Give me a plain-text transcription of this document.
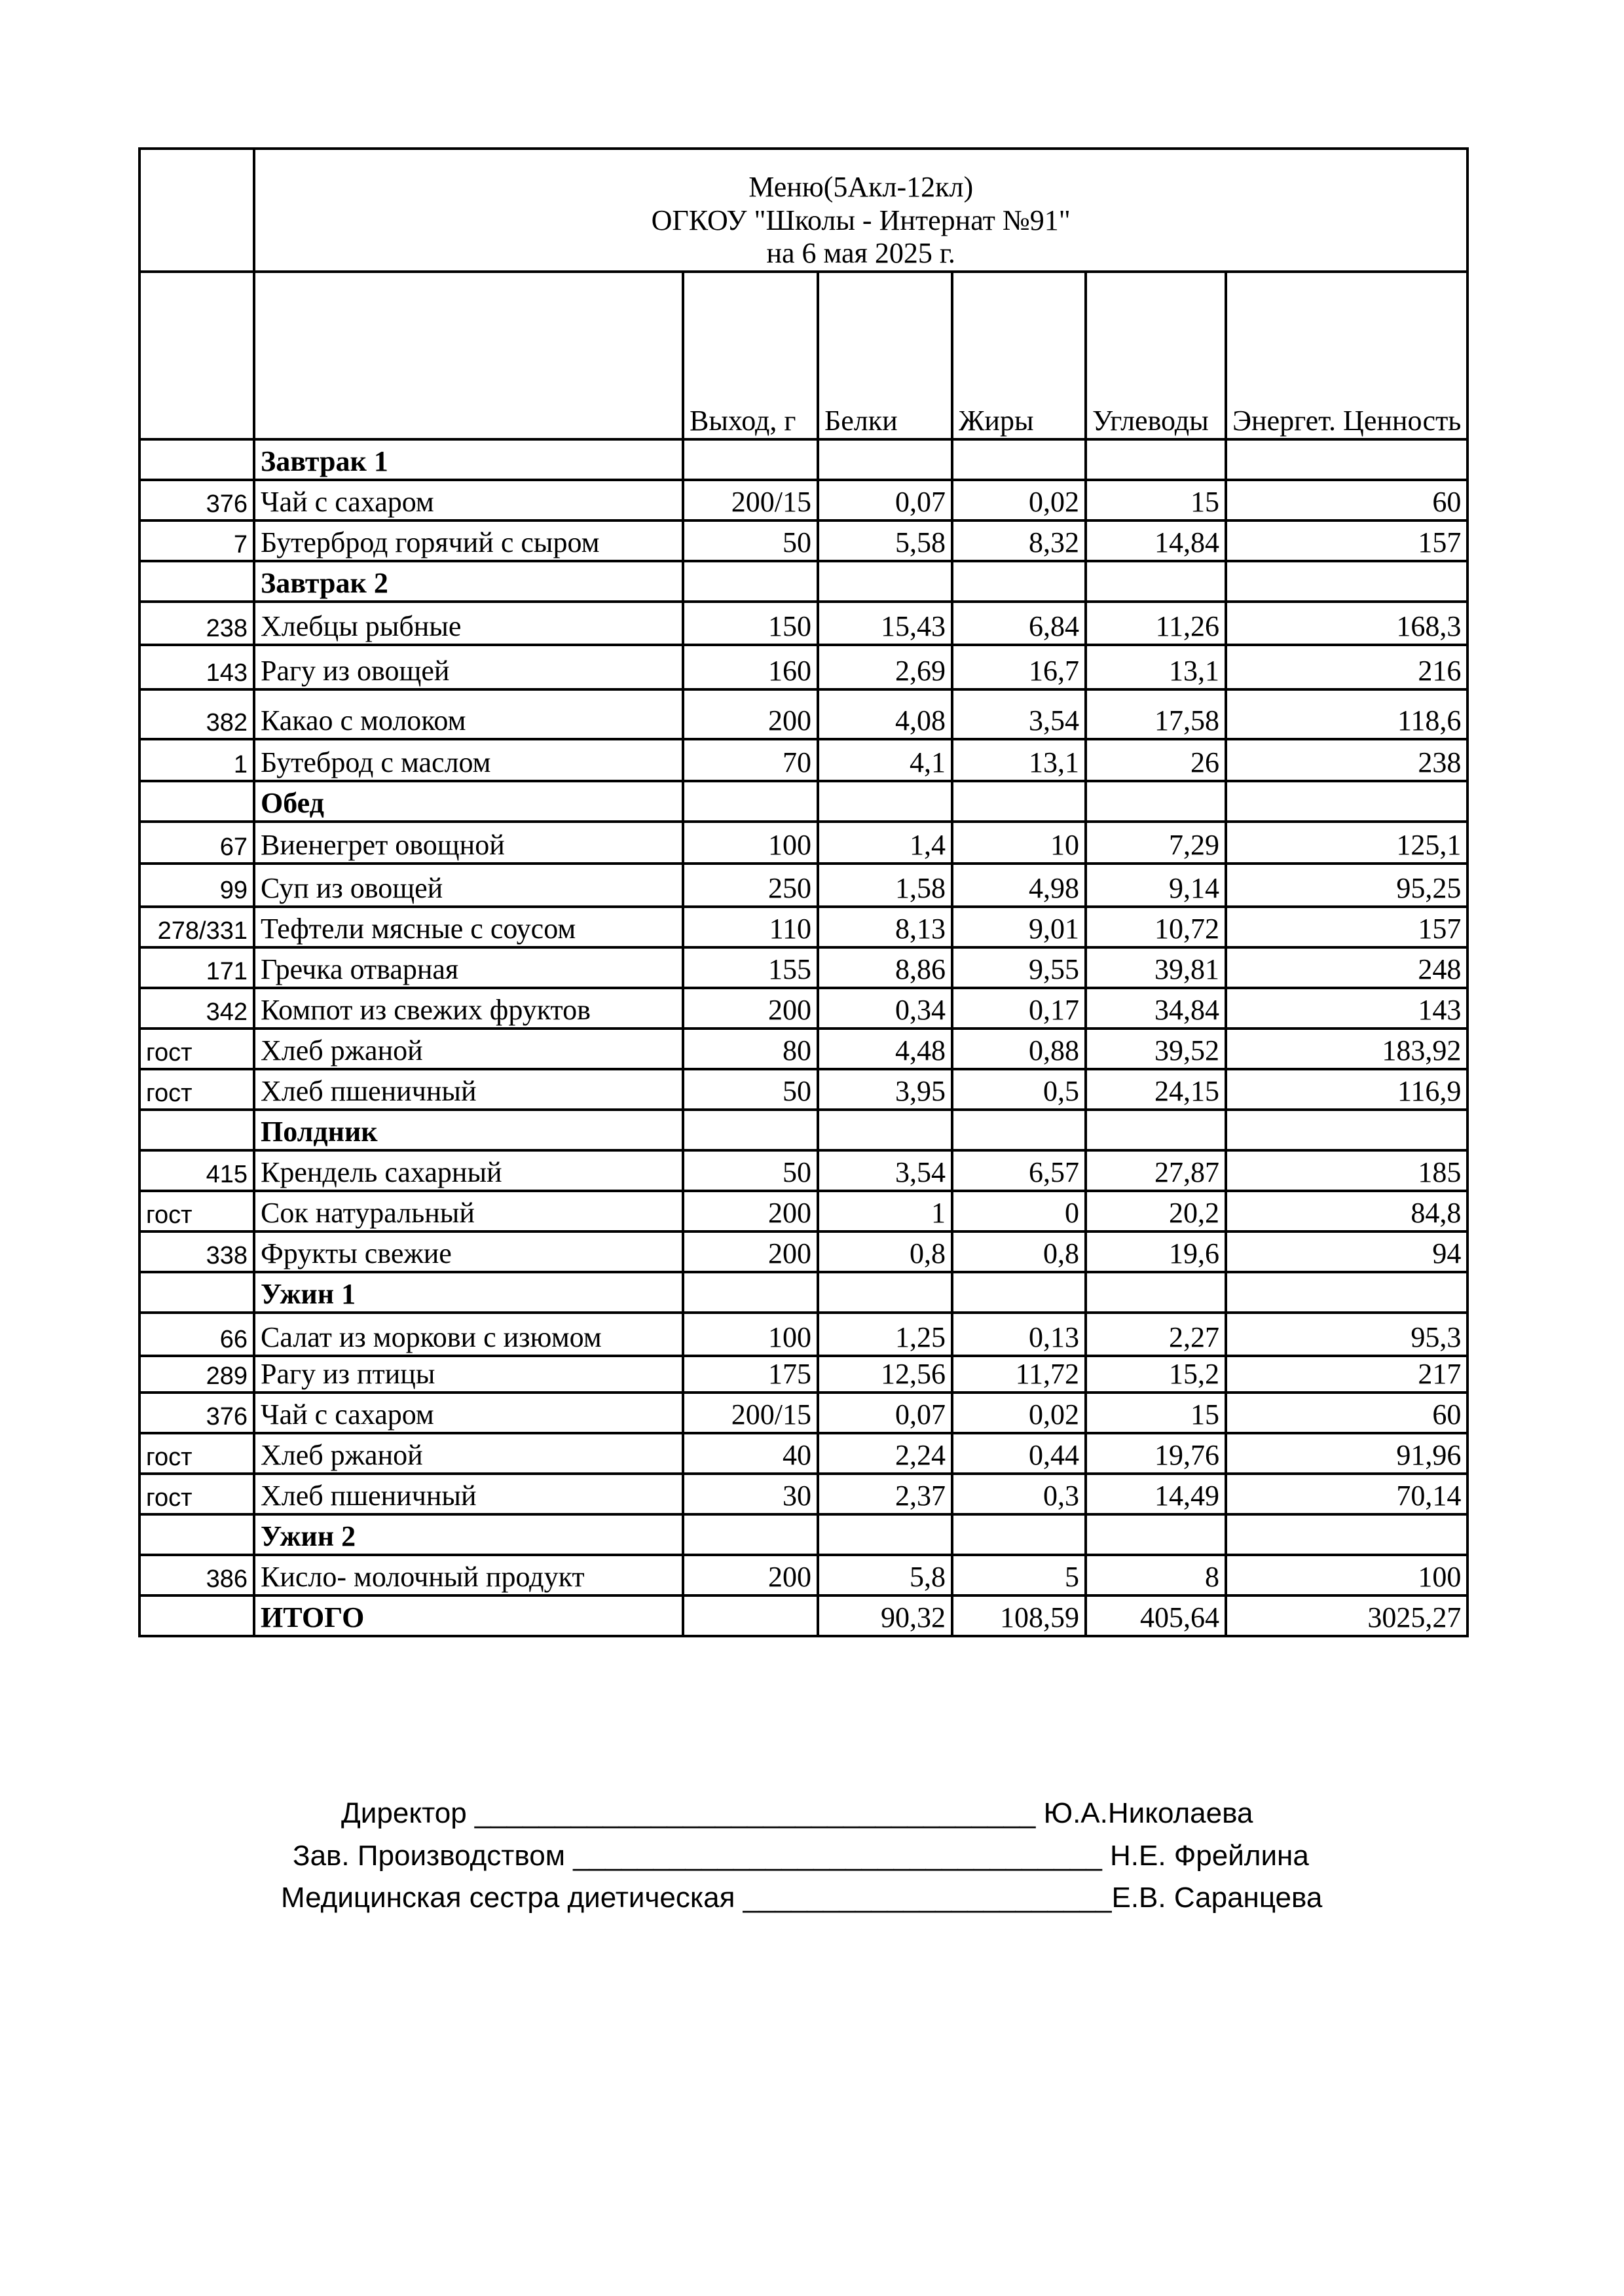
	Меню(5Акл-12кл)
ОГКОУ "Школы - Интернат №91"
на 6 мая 2025 г.					

		Выход, г	Белки	Жиры	Углеводы	Энергет. Ценность
	Завтрак 1					
376	Чай с сахаром	200/15	0,07	0,02	15	60
7	Бутерброд горячий с сыром	50	5,58	8,32	14,84	157
	Завтрак 2					
238	Хлебцы рыбные	150	15,43	6,84	11,26	168,3
143	Рагу из овощей	160	2,69	16,7	13,1	216
382	Какао с молоком	200	4,08	3,54	17,58	118,6
1	Бутеброд с маслом	70	4,1	13,1	26	238
	Обед					
67	Виенегрет овощной	100	1,4	10	7,29	125,1
99	Суп из овощей	250	1,58	4,98	9,14	95,25
278/331	Тефтели мясные с соусом	110	8,13	9,01	10,72	157
171	Гречка отварная	155	8,86	9,55	39,81	248
342	Компот из свежих фруктов	200	0,34	0,17	34,84	143
гост	Хлеб ржаной	80	4,48	0,88	39,52	183,92
гост	Хлеб пшеничный	50	3,95	0,5	24,15	116,9
	Полдник					
415	Крендель сахарный	50	3,54	6,57	27,87	185
гост	Сок натуральный	200	1	0	20,2	84,8
338	Фрукты свежие	200	0,8	0,8	19,6	94
	Ужин 1					
66	Салат из моркови с изюмом	100	1,25	0,13	2,27	95,3
289	Рагу из птицы	175	12,56	11,72	15,2	217
376	Чай с сахаром	200/15	0,07	0,02	15	60
гост	Хлеб ржаной	40	2,24	0,44	19,76	91,96
гост	Хлеб пшеничный	30	2,37	0,3	14,49	70,14
	Ужин 2					
386	Кисло- молочный продукт	200	5,8	5	8	100
	ИТОГО		90,32	108,59	405,64	3025,27
Директор ___________________________________ Ю.А.Николаева
Зав. Производством _________________________________ Н.Е. Фрейлина
Медицинская сестра диетическая _______________________Е.В. Саранцева
